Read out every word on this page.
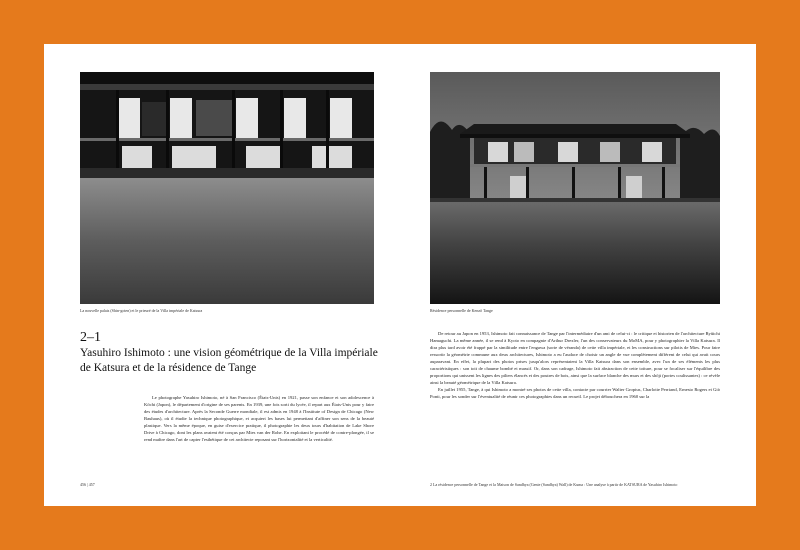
La nouvelle palais (Shin-goten) et le prieuré de la Villa impériale de Katsura
2–1
Yasuhiro Ishimoto : une vision géométrique de la Villa impériale de Katsura et de la résidence de Tange

Le photographe Yasuhiro Ishimoto, né à San Francisco (États-Unis) en 1921, passe son enfance et son adolescence à Kōchi (Japon), le département d'origine de ses parents. En 1939, une fois sorti du lycée, il repart aux États-Unis pour y faire des études d'architecture. Après la Seconde Guerre mondiale, il est admis en 1948 à l'Institute of Design de Chicago (New Bauhaus), où il étudie la technique photographique, et acquiert les bases lui permettant d'affiner son sens de la beauté plastique. Vers la même époque, en guise d'exercice pratique, il photographie les deux tours d'habitation de Lake Shore Drive à Chicago, dont les plans avaient été conçus par Mies van der Rohe. En exploitant le procédé de contre-plongée, il se rend maître dans l'art de capter l'esthétique de cet architecte reposant sur l'horizontalité et la verticalité.

456 | 457
Résidence personnelle de Kenzō Tange

De retour au Japon en 1953, Ishimoto fait connaissance de Tange par l'intermédiaire d'un ami de celui-ci : le critique et historien de l'architecture Ryūichi Hamaguchi. La même année, il se rend à Kyoto en compagnie d'Arthur Drexler, l'un des conservateurs du MoMA, pour y photographier la Villa Katsura. Il dira plus tard avoir été frappé par la similitude entre l'engawa (sorte de véranda) de cette villa impériale, et les constructions sur pilotis de Mies. Pour faire ressortir la géométrie commune aux deux architectures, Ishimoto a eu l'audace de choisir un angle de vue complètement différent de celui qui avait cours auparavant. En effet, la plupart des photos prises jusqu'alors représentaient la Villa Katsura dans son ensemble, avec l'un de ses éléments les plus caractéristiques : son toit de chaume bombé et massif. Or, dans son cadrage, Ishimoto fait abstraction de cette toiture, pour se focaliser sur l'équilibre des proportions qui unissent les lignes des piliers élancés et des poutres de bois, ainsi que la surface blanche des murs et des shōji (portes coulissantes) : ce révèle ainsi la beauté géométrique de la Villa Katsura.

En juillet 1955, Tange, à qui Ishimoto a montré ses photos de cette villa, contacte par courrier Walter Gropius, Charlotte Perriand, Ernesto Rogers et Giò Ponti, pour les sonder sur l'éventualité de réunir ces photographies dans un recueil. Le projet débouchera en 1960 sur la

2 La résidence personnelle de Tange et la Maison de Sandhya (Genie (Sandhya) Wall) de Kuma : Une analyse à partir de KATSURA de Yasuhiro Ishimoto
